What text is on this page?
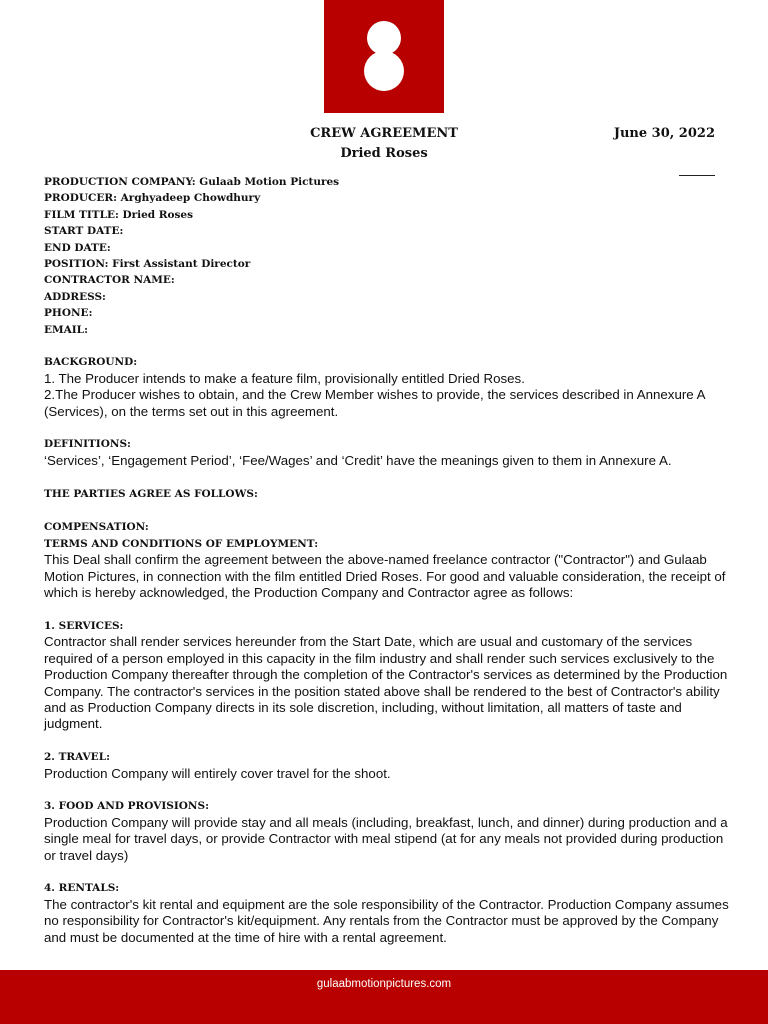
CREW AGREEMENT
Dried Roses
June 30, 2022

PRODUCTION COMPANY: Gulaab Motion Pictures

PRODUCER: Arghyadeep Chowdhury

FILM TITLE: Dried Roses

START DATE:

END DATE:

POSITION: First Assistant Director

CONTRACTOR NAME:

ADDRESS:

PHONE:

EMAIL:

BACKGROUND:

1. The Producer intends to make a feature film, provisionally entitled Dried Roses.

2.The Producer wishes to obtain, and the Crew Member wishes to provide, the services described in Annexure A (Services), on the terms set out in this agreement.

DEFINITIONS:

‘Services’, ‘Engagement Period’, ‘Fee/Wages’ and ‘Credit’ have the meanings given to them in Annexure A.

THE PARTIES AGREE AS FOLLOWS:

COMPENSATION:

TERMS AND CONDITIONS OF EMPLOYMENT:

This Deal shall confirm the agreement between the above-named freelance contractor ("Contractor") and Gulaab Motion Pictures, in connection with the film entitled Dried Roses. For good and valuable consideration, the receipt of which is hereby acknowledged, the Production Company and Contractor agree as follows:

1. SERVICES:

Contractor shall render services hereunder from the Start Date, which are usual and customary of the services required of a person employed in this capacity in the film industry and shall render such services exclusively to the Production Company thereafter through the completion of the Contractor's services as determined by the Production Company. The contractor's services in the position stated above shall be rendered to the best of Contractor's ability and as Production Company directs in its sole discretion, including, without limitation, all matters of taste and judgment.

2. TRAVEL:

Production Company will entirely cover travel for the shoot.

3. FOOD AND PROVISIONS:

Production Company will provide stay and all meals (including, breakfast, lunch, and dinner) during production and a single meal for travel days, or provide Contractor with meal stipend (at for any meals not provided during production or travel days)

4. RENTALS:

The contractor's kit rental and equipment are the sole responsibility of the Contractor. Production Company assumes no responsibility for Contractor's kit/equipment. Any rentals from the Contractor must be approved by the Company and must be documented at the time of hire with a rental agreement.

gulaabmotionpictures.com
